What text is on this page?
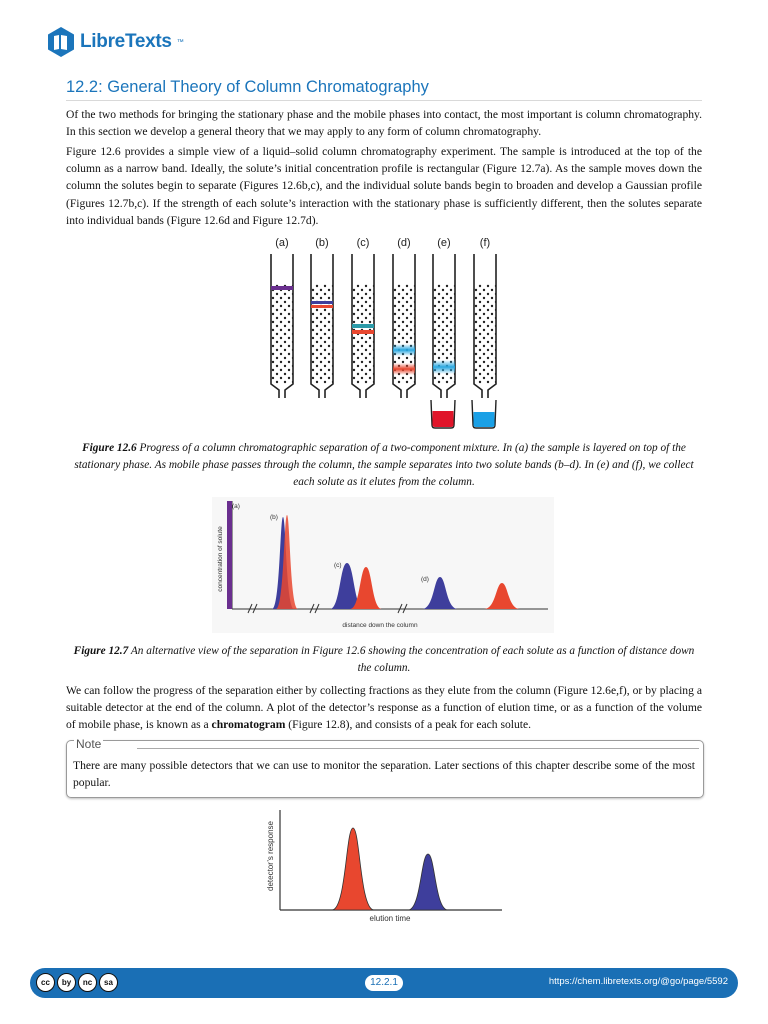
LibreTexts ™
12.2: General Theory of Column Chromatography

Of the two methods for bringing the stationary phase and the mobile phases into contact, the most important is column chromatography. In this section we develop a general theory that we may apply to any form of column chromatography.

Figure 12.6 provides a simple view of a liquid–solid column chromatography experiment. The sample is introduced at the top of the column as a narrow band. Ideally, the solute’s initial concentration profile is rectangular (Figure 12.7a). As the sample moves down the column the solutes begin to separate (Figures 12.6b,c), and the individual solute bands begin to broaden and develop a Gaussian profile (Figures 12.7b,c). If the strength of each solute’s interaction with the stationary phase is sufficiently different, then the solutes separate into individual bands (Figure 12.6d and Figure 12.7d).

(a) (b)	(c)	(d) (e)	(f)

Figure 12.6 Progress of a column chromatographic separation of a two-component mixture. In (a) the sample is layered on top of the stationary phase. As mobile phase passes through the column, the sample separates into two solute bands (b–d). In (e) and (f), we collect each solute as it elutes from the column.

concentration of solute
(a)
(b)
(c)
(d)
distance down the column

Figure 12.7 An alternative view of the separation in Figure 12.6 showing the concentration of each solute as a function of distance down the column.

We can follow the progress of the separation either by collecting fractions as they elute from the column (Figure 12.6e,f), or by placing a suitable detector at the end of the column. A plot of the detector’s response as a function of elution time, or as a function of the volume of mobile phase, is known as a chromatogram (Figure 12.8), and consists of a peak for each solute.

Note

There are many possible detectors that we can use to monitor the separation. Later sections of this chapter describe some of the most popular.

detector’s response
elution time
cc	by	nc	sa	12.2.1	https://chem.libretexts.org/@go/page/5592
